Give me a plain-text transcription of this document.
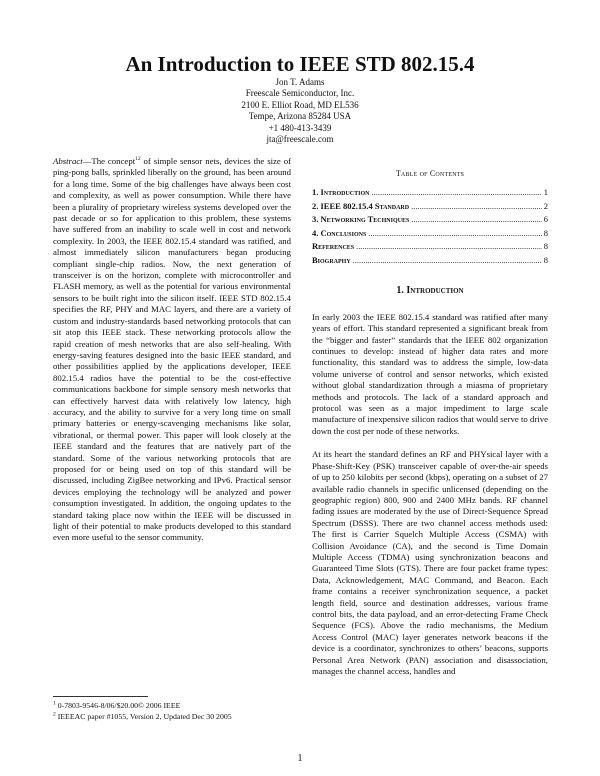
An Introduction to IEEE STD 802.15.4
Jon T. Adams
Freescale Semiconductor, Inc.
2100 E. Elliot Road, MD EL536
Tempe, Arizona 85284 USA
+1 480-413-3439
jta@freescale.com

Abstract—The concept$^{12}$ of simple sensor nets, devices the size of ping-pong balls, sprinkled liberally on the ground, has been around for a long time. Some of the big challenges have always been cost and complexity, as well as power consumption. While there have been a plurality of proprietary wireless systems developed over the past decade or so for application to this problem, these systems have suffered from an inability to scale well in cost and network complexity. In 2003, the IEEE 802.15.4 standard was ratified, and almost immediately silicon manufacturers began producing compliant single-chip radios. Now, the next generation of transceiver is on the horizon, complete with microcontroller and FLASH memory, as well as the potential for various environmental sensors to be built right into the silicon itself. IEEE STD 802.15.4 specifies the RF, PHY and MAC layers, and there are a variety of custom and industry-standards based networking protocols that can sit atop this IEEE stack. These networking protocols allow the rapid creation of mesh networks that are also self-healing. With energy-saving features designed into the basic IEEE standard, and other possibilities applied by the applications developer, IEEE 802.15.4 radios have the potential to be the cost-effective communications backbone for simple sensory mesh networks that can effectively harvest data with relatively low latency, high accuracy, and the ability to survive for a very long time on small primary batteries or energy-scavenging mechanisms like solar, vibrational, or thermal power. This paper will look closely at the IEEE standard and the features that are natively part of the standard. Some of the various networking protocols that are proposed for or being used on top of this standard will be discussed, including ZigBee networking and IPv6. Practical sensor devices employing the technology will be analyzed and power consumption investigated. In addition, the ongoing updates to the standard taking place now within the IEEE will be discussed in light of their potential to make products developed to this standard even more useful to the sensor community.

Table of Contents
1. Introduction .....	1
2. IEEE 802.15.4 Standard .....	2
3. Networking Techniques .....	6
4. Conclusions .....	8
References .....	8
Biography .....	8
1. Introduction

In early 2003 the IEEE 802.15.4 standard was ratified after many years of effort. This standard represented a significant break from the “bigger and faster” standards that the IEEE 802 organization continues to develop: instead of higher data rates and more functionality, this standard was to address the simple, low-data volume universe of control and sensor networks, which existed without global standardization through a miasma of proprietary methods and protocols. The lack of a standard approach and protocol was seen as a major impediment to large scale manufacture of inexpensive silicon radios that would serve to drive down the cost per node of these networks.

At its heart the standard defines an RF and PHYsical layer with a Phase-Shift-Key (PSK) transceiver capable of over-the-air speeds of up to 250 kilobits per second (kbps), operating on a subset of 27 available radio channels in specific unlicensed (depending on the geographic region) 800, 900 and 2400 MHz bands. RF channel fading issues are moderated by the use of Direct-Sequence Spread Spectrum (DSSS). There are two channel access methods used: The first is Carrier Squelch Multiple Access (CSMA) with Collision Avoidance (CA), and the second is Time Domain Multiple Access (TDMA) using synchronization beacons and Guaranteed Time Slots (GTS). There are four packet frame types: Data, Acknowledgement, MAC Command, and Beacon. Each frame contains a receiver synchronization sequence, a packet length field, source and destination addresses, various frame control bits, the data payload, and an error-detecting Frame Check Sequence (FCS). Above the radio mechanisms, the Medium Access Control (MAC) layer generates network beacons if the device is a coordinator, synchronizes to others’ beacons, supports Personal Area Network (PAN) association and disassociation, manages the channel access, handles and

$^1$ 0-7803-9546-8/06/$20.00© 2006 IEEE
$^2$ IEEEAC paper #1055, Version 2, Updated Dec 30 2005
1
